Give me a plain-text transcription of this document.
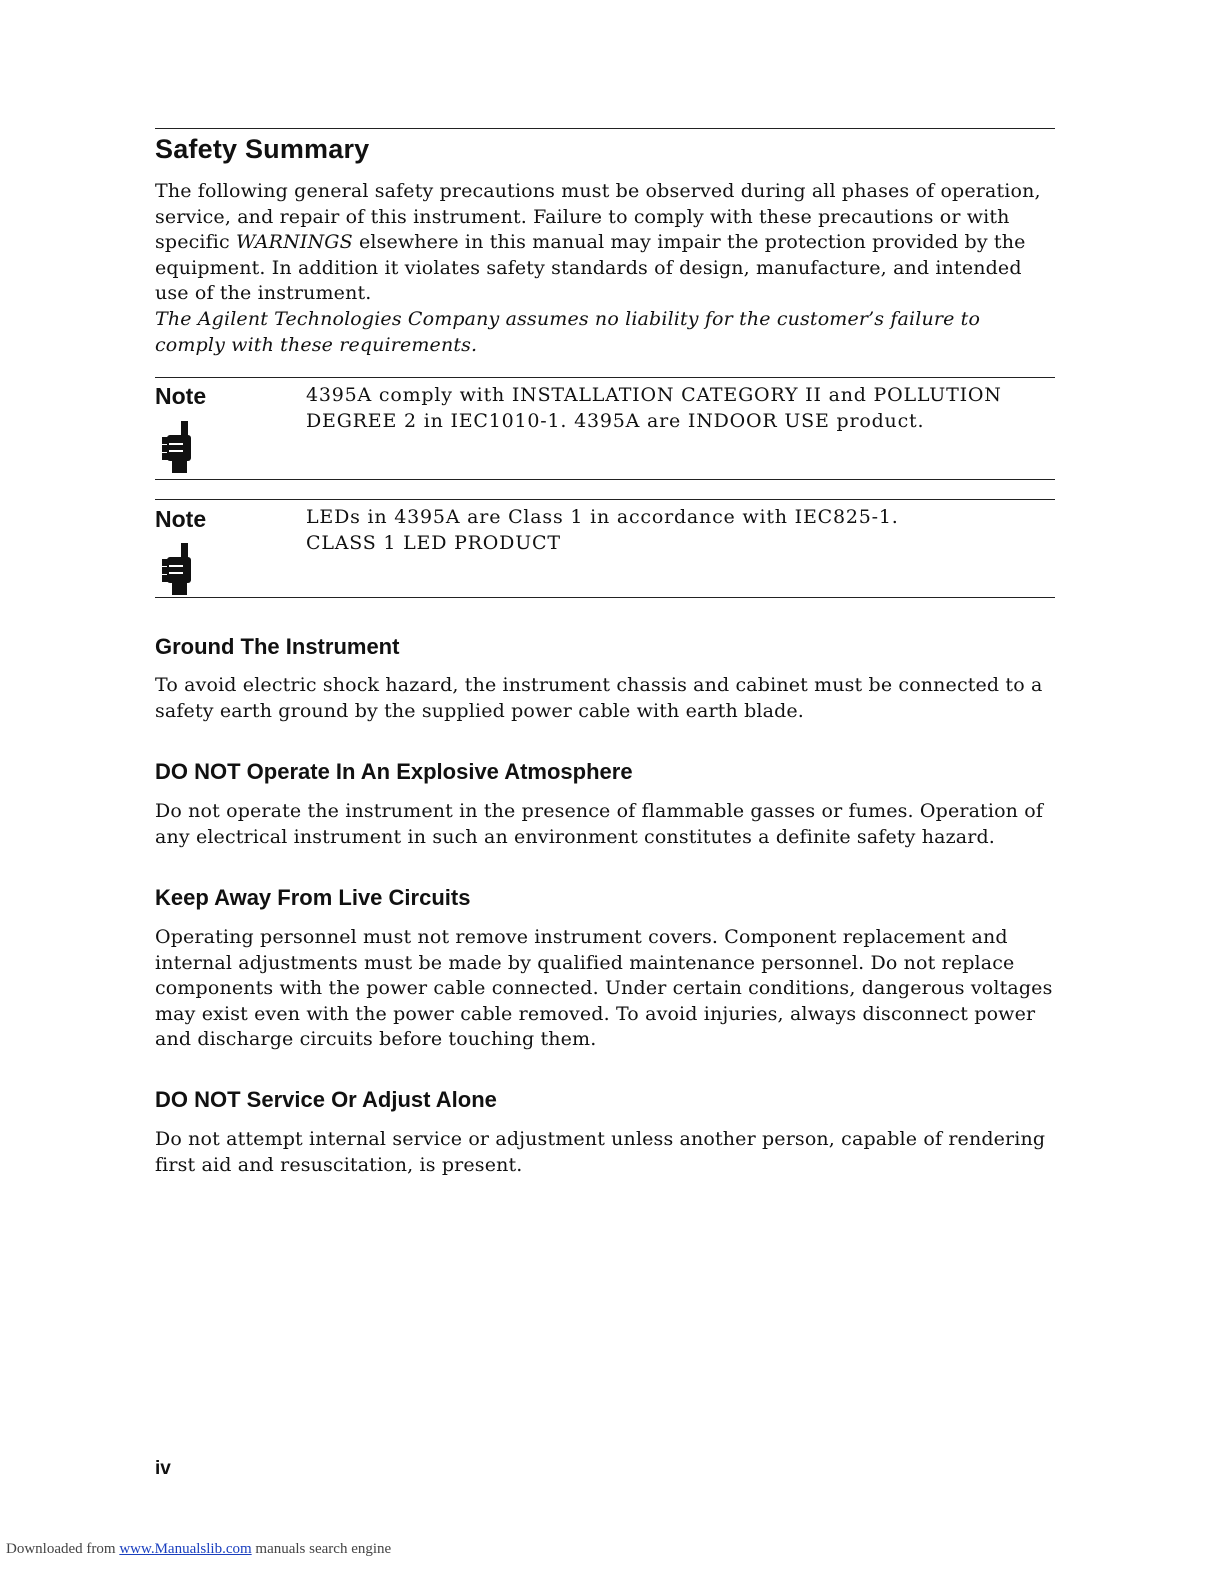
Safety Summary
The following general safety precautions must be observed during all phases of operation, service, and repair of this instrument. Failure to comply with these precautions or with specific WARNINGS elsewhere in this manual may impair the protection provided by the equipment. In addition it violates safety standards of design, manufacture, and intended use of the instrument.
The Agilent Technologies Company assumes no liability for the customer’s failure to comply with these requirements.
Note	4395A comply with INSTALLATION CATEGORY II and POLLUTION
DEGREE 2 in IEC1010-1. 4395A are INDOOR USE product.
Note	LEDs in 4395A are Class 1 in accordance with IEC825-1.
CLASS 1 LED PRODUCT
Ground The Instrument
To avoid electric shock hazard, the instrument chassis and cabinet must be connected to a safety earth ground by the supplied power cable with earth blade.
DO NOT Operate In An Explosive Atmosphere
Do not operate the instrument in the presence of flammable gasses or fumes. Operation of any electrical instrument in such an environment constitutes a definite safety hazard.
Keep Away From Live Circuits
Operating personnel must not remove instrument covers. Component replacement and internal adjustments must be made by qualified maintenance personnel. Do not replace components with the power cable connected. Under certain conditions, dangerous voltages may exist even with the power cable removed. To avoid injuries, always disconnect power and discharge circuits before touching them.
DO NOT Service Or Adjust Alone
Do not attempt internal service or adjustment unless another person, capable of rendering first aid and resuscitation, is present.
iv
Downloaded from www.Manualslib.com manuals search engine
